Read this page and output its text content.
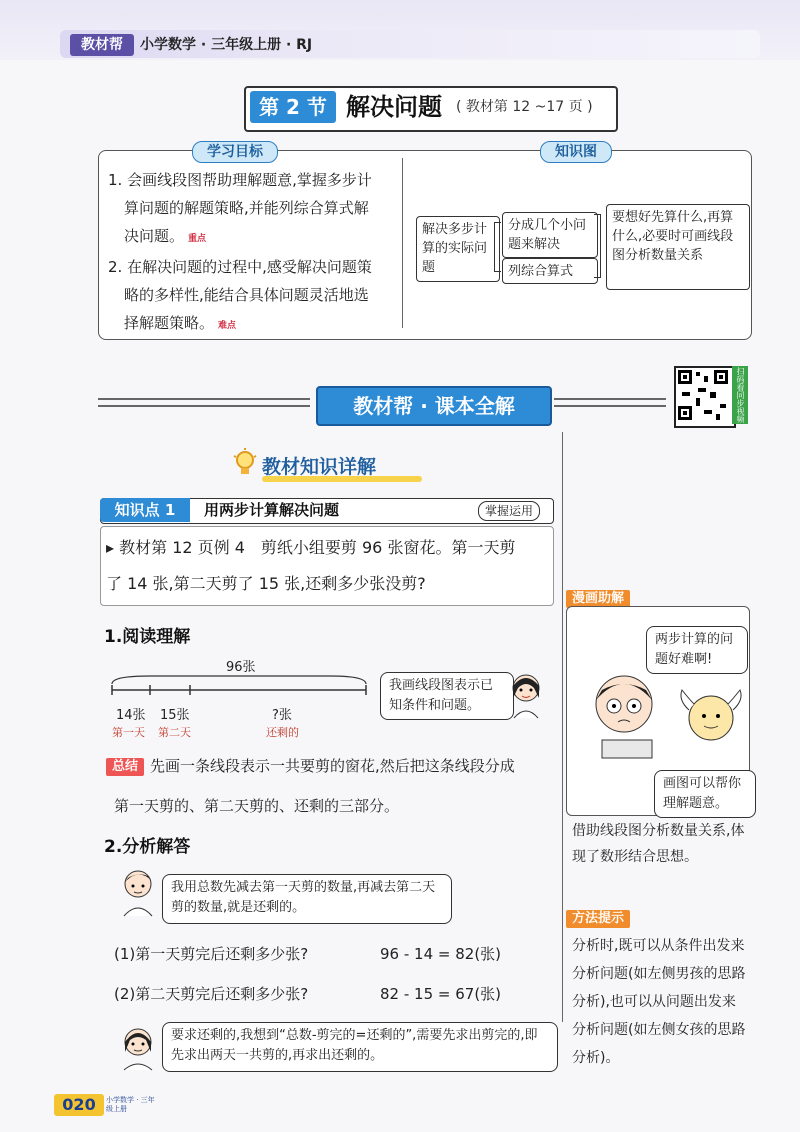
教材帮	小学数学 · 三年级上册 · RJ
第 2 节 解决问题 ( 教材第 12 ~17 页 )
学习目标	知识图
1. 会画线段图帮助理解题意,掌握多步计
算问题的解题策略,并能列综合算式解
决问题。 重点
2. 在解决问题的过程中,感受解决问题策
略的多样性,能结合具体问题灵活地选
择解题策略。 难点
解决多步计算的实际问题
分成几个小问题来解决
列综合算式
要想好先算什么,再算什么,必要时可画线段图分析数量关系
教材帮 · 课本全解	扫码看同步视频
教材知识详解
知识点 1	用两步计算解决问题	掌握运用
▸ 教材第 12 页例 4　剪纸小组要剪 96 张窗花。第一天剪
了 14 张,第二天剪了 15 张,还剩多少张没剪?
1.阅读理解
96张
14张 15张	?张
第一天 第二天	还剩的
我画线段图表示已知条件和问题。
总结 先画一条线段表示一共要剪的窗花,然后把这条线段分成
第一天剪的、第二天剪的、还剩的三部分。
2.分析解答
我用总数先减去第一天剪的数量,再减去第二天剪的数量,就是还剩的。
(1)第一天剪完后还剩多少张?	96 - 14 = 82(张)
(2)第二天剪完后还剩多少张?	82 - 15 = 67(张)
要求还剩的,我想到“总数-剪完的=还剩的”,需要先求出剪完的,即先求出两天一共剪的,再求出还剩的。
漫画助解
两步计算的问题好难啊!
画图可以帮你理解题意。
借助线段图分析数量关系,体现了数形结合思想。
方法提示
分析时,既可以从条件出发来分析问题(如左侧男孩的思路分析),也可以从问题出发来分析问题(如左侧女孩的思路分析)。
020	小学数学 · 三年级上册
